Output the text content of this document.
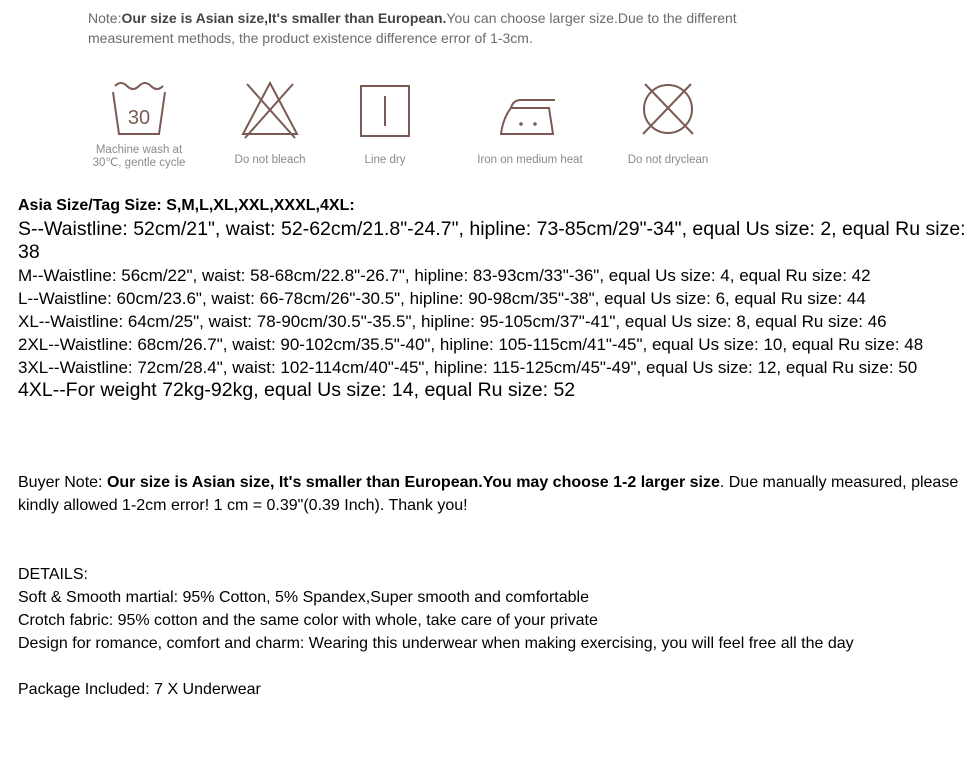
Note:Our size is Asian size,It's smaller than European.You can choose larger size.Due to the different measurement methods, the product existence difference error of 1-3cm.
30
Machine wash at
30℃, gentle cycle	Do not bleach	Line dry	Iron on medium heat	Do not dryclean

Asia Size/Tag Size: S,M,L,XL,XXL,XXXL,4XL:

S--Waistline: 52cm/21", waist: 52-62cm/21.8"-24.7", hipline: 73-85cm/29"-34", equal Us size: 2, equal Ru size: 38

M--Waistline: 56cm/22", waist: 58-68cm/22.8"-26.7", hipline: 83-93cm/33"-36", equal Us size: 4, equal Ru size: 42

L--Waistline: 60cm/23.6", waist: 66-78cm/26"-30.5", hipline: 90-98cm/35"-38", equal Us size: 6, equal Ru size: 44

XL--Waistline: 64cm/25", waist: 78-90cm/30.5"-35.5", hipline: 95-105cm/37"-41", equal Us size: 8, equal Ru size: 46

2XL--Waistline: 68cm/26.7", waist: 90-102cm/35.5"-40", hipline: 105-115cm/41"-45", equal Us size: 10, equal Ru size: 48

3XL--Waistline: 72cm/28.4", waist: 102-114cm/40"-45", hipline: 115-125cm/45"-49", equal Us size: 12, equal Ru size: 50

4XL--For weight 72kg-92kg, equal Us size: 14, equal Ru size: 52

Buyer Note: Our size is Asian size, It's smaller than European.You may choose 1-2 larger size. Due manually measured, please kindly allowed 1-2cm error! 1 cm = 0.39"(0.39 Inch). Thank you!

DETAILS:

Soft & Smooth martial: 95% Cotton, 5% Spandex,Super smooth and comfortable

Crotch fabric: 95% cotton and the same color with whole, take care of your private

Design for romance, comfort and charm: Wearing this underwear when making exercising, you will feel free all the day

Package Included: 7 X Underwear
